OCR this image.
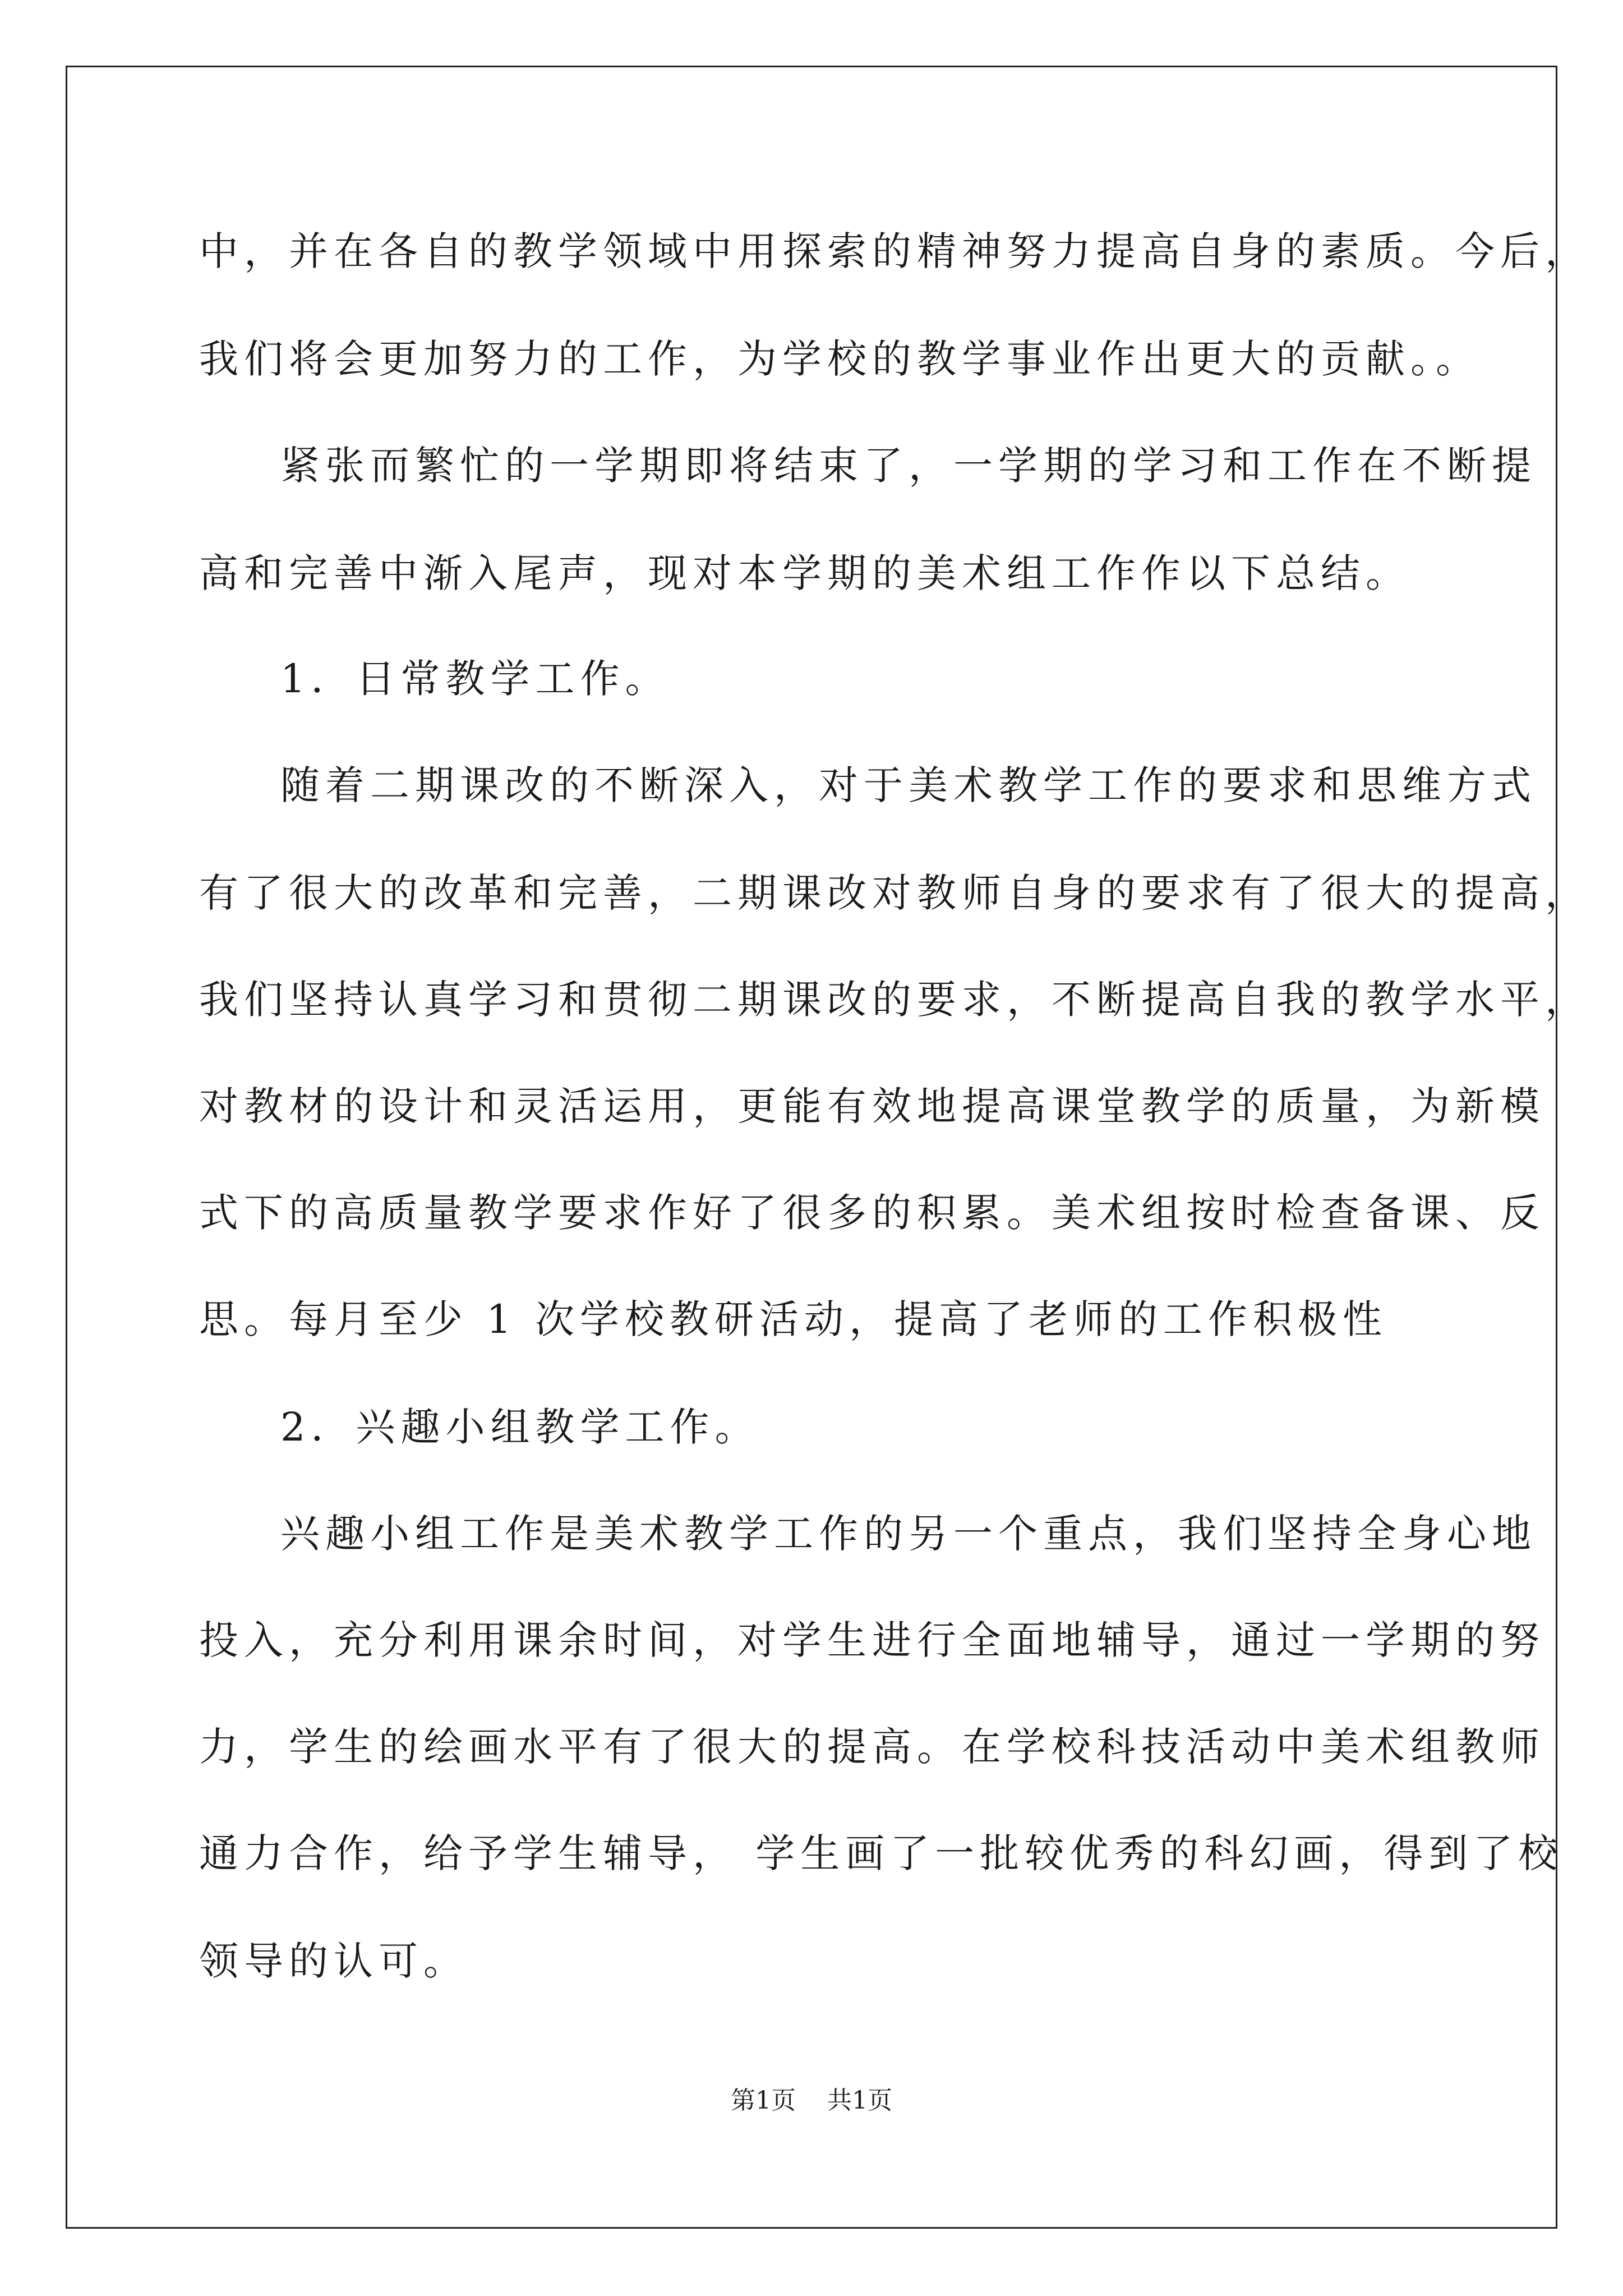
中，并在各自的教学领域中用探索的精神努力提高自身的素质。今后，
我们将会更加努力的工作，为学校的教学事业作出更大的贡献。。
紧张而繁忙的一学期即将结束了，一学期的学习和工作在不断提
高和完善中渐入尾声，现对本学期的美术组工作作以下总结。
1．日常教学工作。
随着二期课改的不断深入，对于美术教学工作的要求和思维方式
有了很大的改革和完善，二期课改对教师自身的要求有了很大的提高，
我们坚持认真学习和贯彻二期课改的要求，不断提高自我的教学水平，
对教材的设计和灵活运用，更能有效地提高课堂教学的质量，为新模
式下的高质量教学要求作好了很多的积累。美术组按时检查备课、反
思。每月至少 1 次学校教研活动，提高了老师的工作积极性
2．兴趣小组教学工作。
兴趣小组工作是美术教学工作的另一个重点，我们坚持全身心地
投入，充分利用课余时间，对学生进行全面地辅导，通过一学期的努
力，学生的绘画水平有了很大的提高。在学校科技活动中美术组教师
通力合作，给予学生辅导， 学生画了一批较优秀的科幻画，得到了校
领导的认可。
第1页 共1页
